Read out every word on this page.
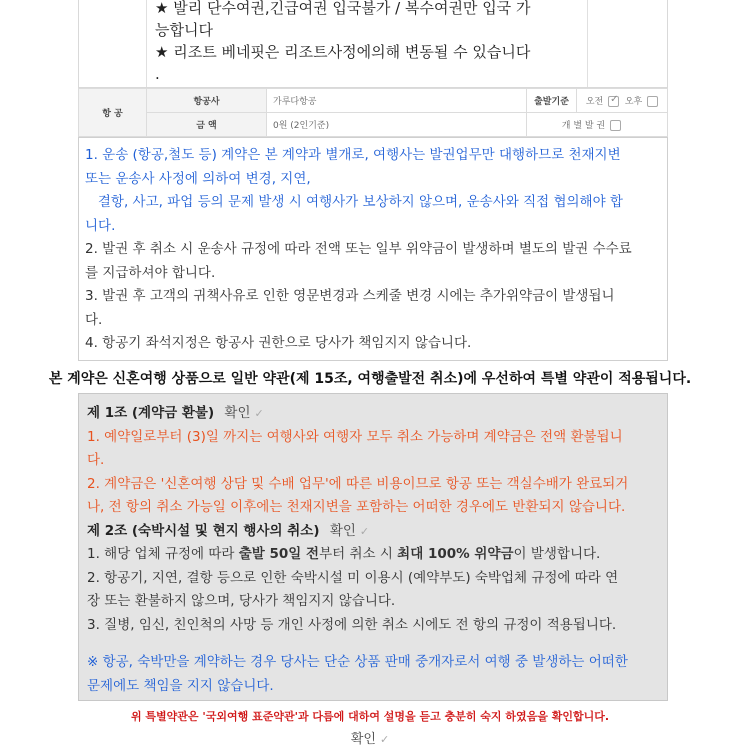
★ 발리 단수여권,긴급여권 입국불가 / 복수여권만 입국 가
능합니다
★ 리조트 베네핏은 리조트사정에의해 변동될 수 있습니다
.
항 공	항공사	가루다항공	출발기준	오전 ✓ 오후
	금 액	0원 (2인기준)	개 별 발 권	
1. 운송 (항공,철도 등) 계약은 본 계약과 별개로, 여행사는 발권업무만 대행하므로 천재지변
또는 운송사 사정에 의하여 변경, 지연,
결항, 사고, 파업 등의 문제 발생 시 여행사가 보상하지 않으며, 운송사와 직접 협의해야 합
니다.
2. 발권 후 취소 시 운송사 규정에 따라 전액 또는 일부 위약금이 발생하며 별도의 발권 수수료
를 지급하셔야 합니다.
3. 발권 후 고객의 귀책사유로 인한 영문변경과 스케줄 변경 시에는 추가위약금이 발생됩니
다.
4. 항공기 좌석지정은 항공사 권한으로 당사가 책임지지 않습니다.
본 계약은 신혼여행 상품으로 일반 약관(제 15조, 여행출발전 취소)에 우선하여 특별 약관이 적용됩니다.
제 1조 (계약금 환불) 확인 ✓
1. 예약일로부터 (3)일 까지는 여행사와 여행자 모두 취소 가능하며 계약금은 전액 환불됩니
다.
2. 계약금은 '신혼여행 상담 및 수배 업무'에 따른 비용이므로 항공 또는 객실수배가 완료되거
나, 전 항의 취소 가능일 이후에는 천재지변을 포함하는 어떠한 경우에도 반환되지 않습니다.
제 2조 (숙박시설 및 현지 행사의 취소) 확인 ✓
1. 해당 업체 규정에 따라 출발 50일 전부터 취소 시 최대 100% 위약금이 발생합니다.
2. 항공기, 지연, 결항 등으로 인한 숙박시설 미 이용시 (예약부도) 숙박업체 규정에 따라 연
장 또는 환불하지 않으며, 당사가 책임지지 않습니다.
3. 질병, 임신, 친인척의 사망 등 개인 사정에 의한 취소 시에도 전 항의 규정이 적용됩니다.
※ 항공, 숙박만을 계약하는 경우 당사는 단순 상품 판매 중개자로서 여행 중 발생하는 어떠한
문제에도 책임을 지지 않습니다.
위 특별약관은 '국외여행 표준약관'과 다름에 대하여 설명을 듣고 충분히 숙지 하였음을 확인합니다.
확인 ✓
